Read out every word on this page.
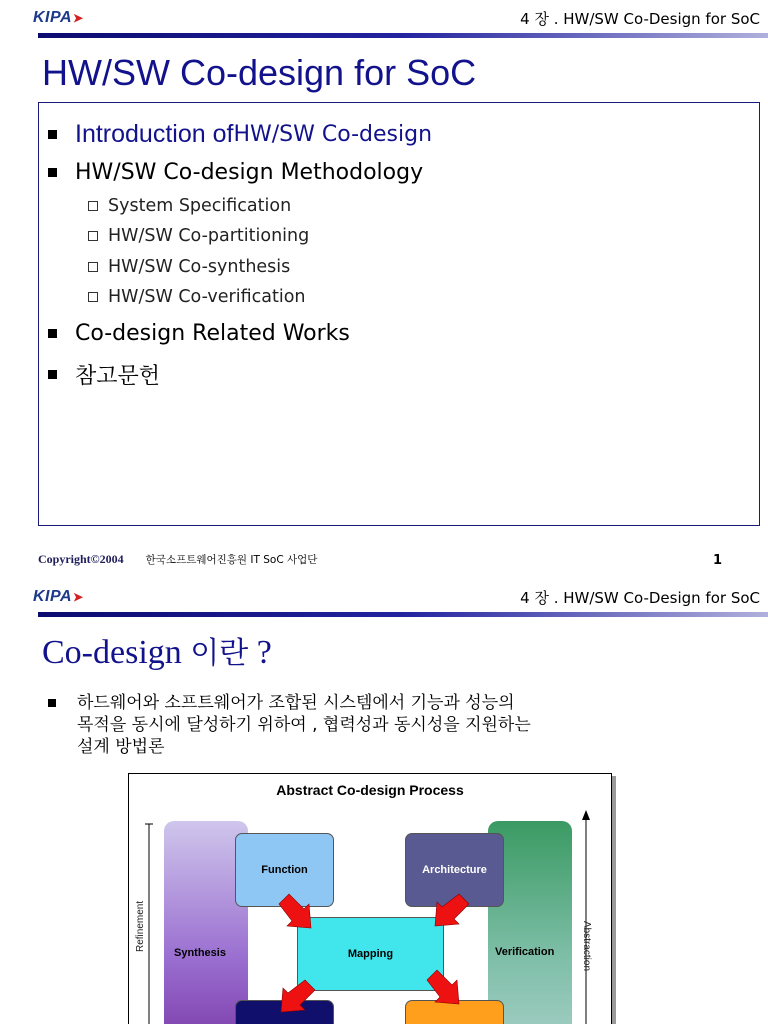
KIPA➤	4 장 . HW/SW Co-Design for SoC
HW/SW Co-design for SoC
Introduction of HW/SW Co-design
HW/SW Co-design Methodology
System Specification
HW/SW Co-partitioning
HW/SW Co-synthesis
HW/SW Co-verification
Co-design Related Works
참고문헌
Copyright©2004 한국소프트웨어진흥원 IT SoC 사업단	1
KIPA➤	4 장 . HW/SW Co-Design for SoC
Co-design 이란 ?
하드웨어와 소프트웨어가 조합된 시스템에서 기능과 성능의
목적을 동시에 달성하기 위하여 , 협력성과 동시성을 지원하는
설계 방법론
Abstract Co-design Process
Function	Architecture
Mapping
Synthesis	Verification
Refinement	Abstraction
